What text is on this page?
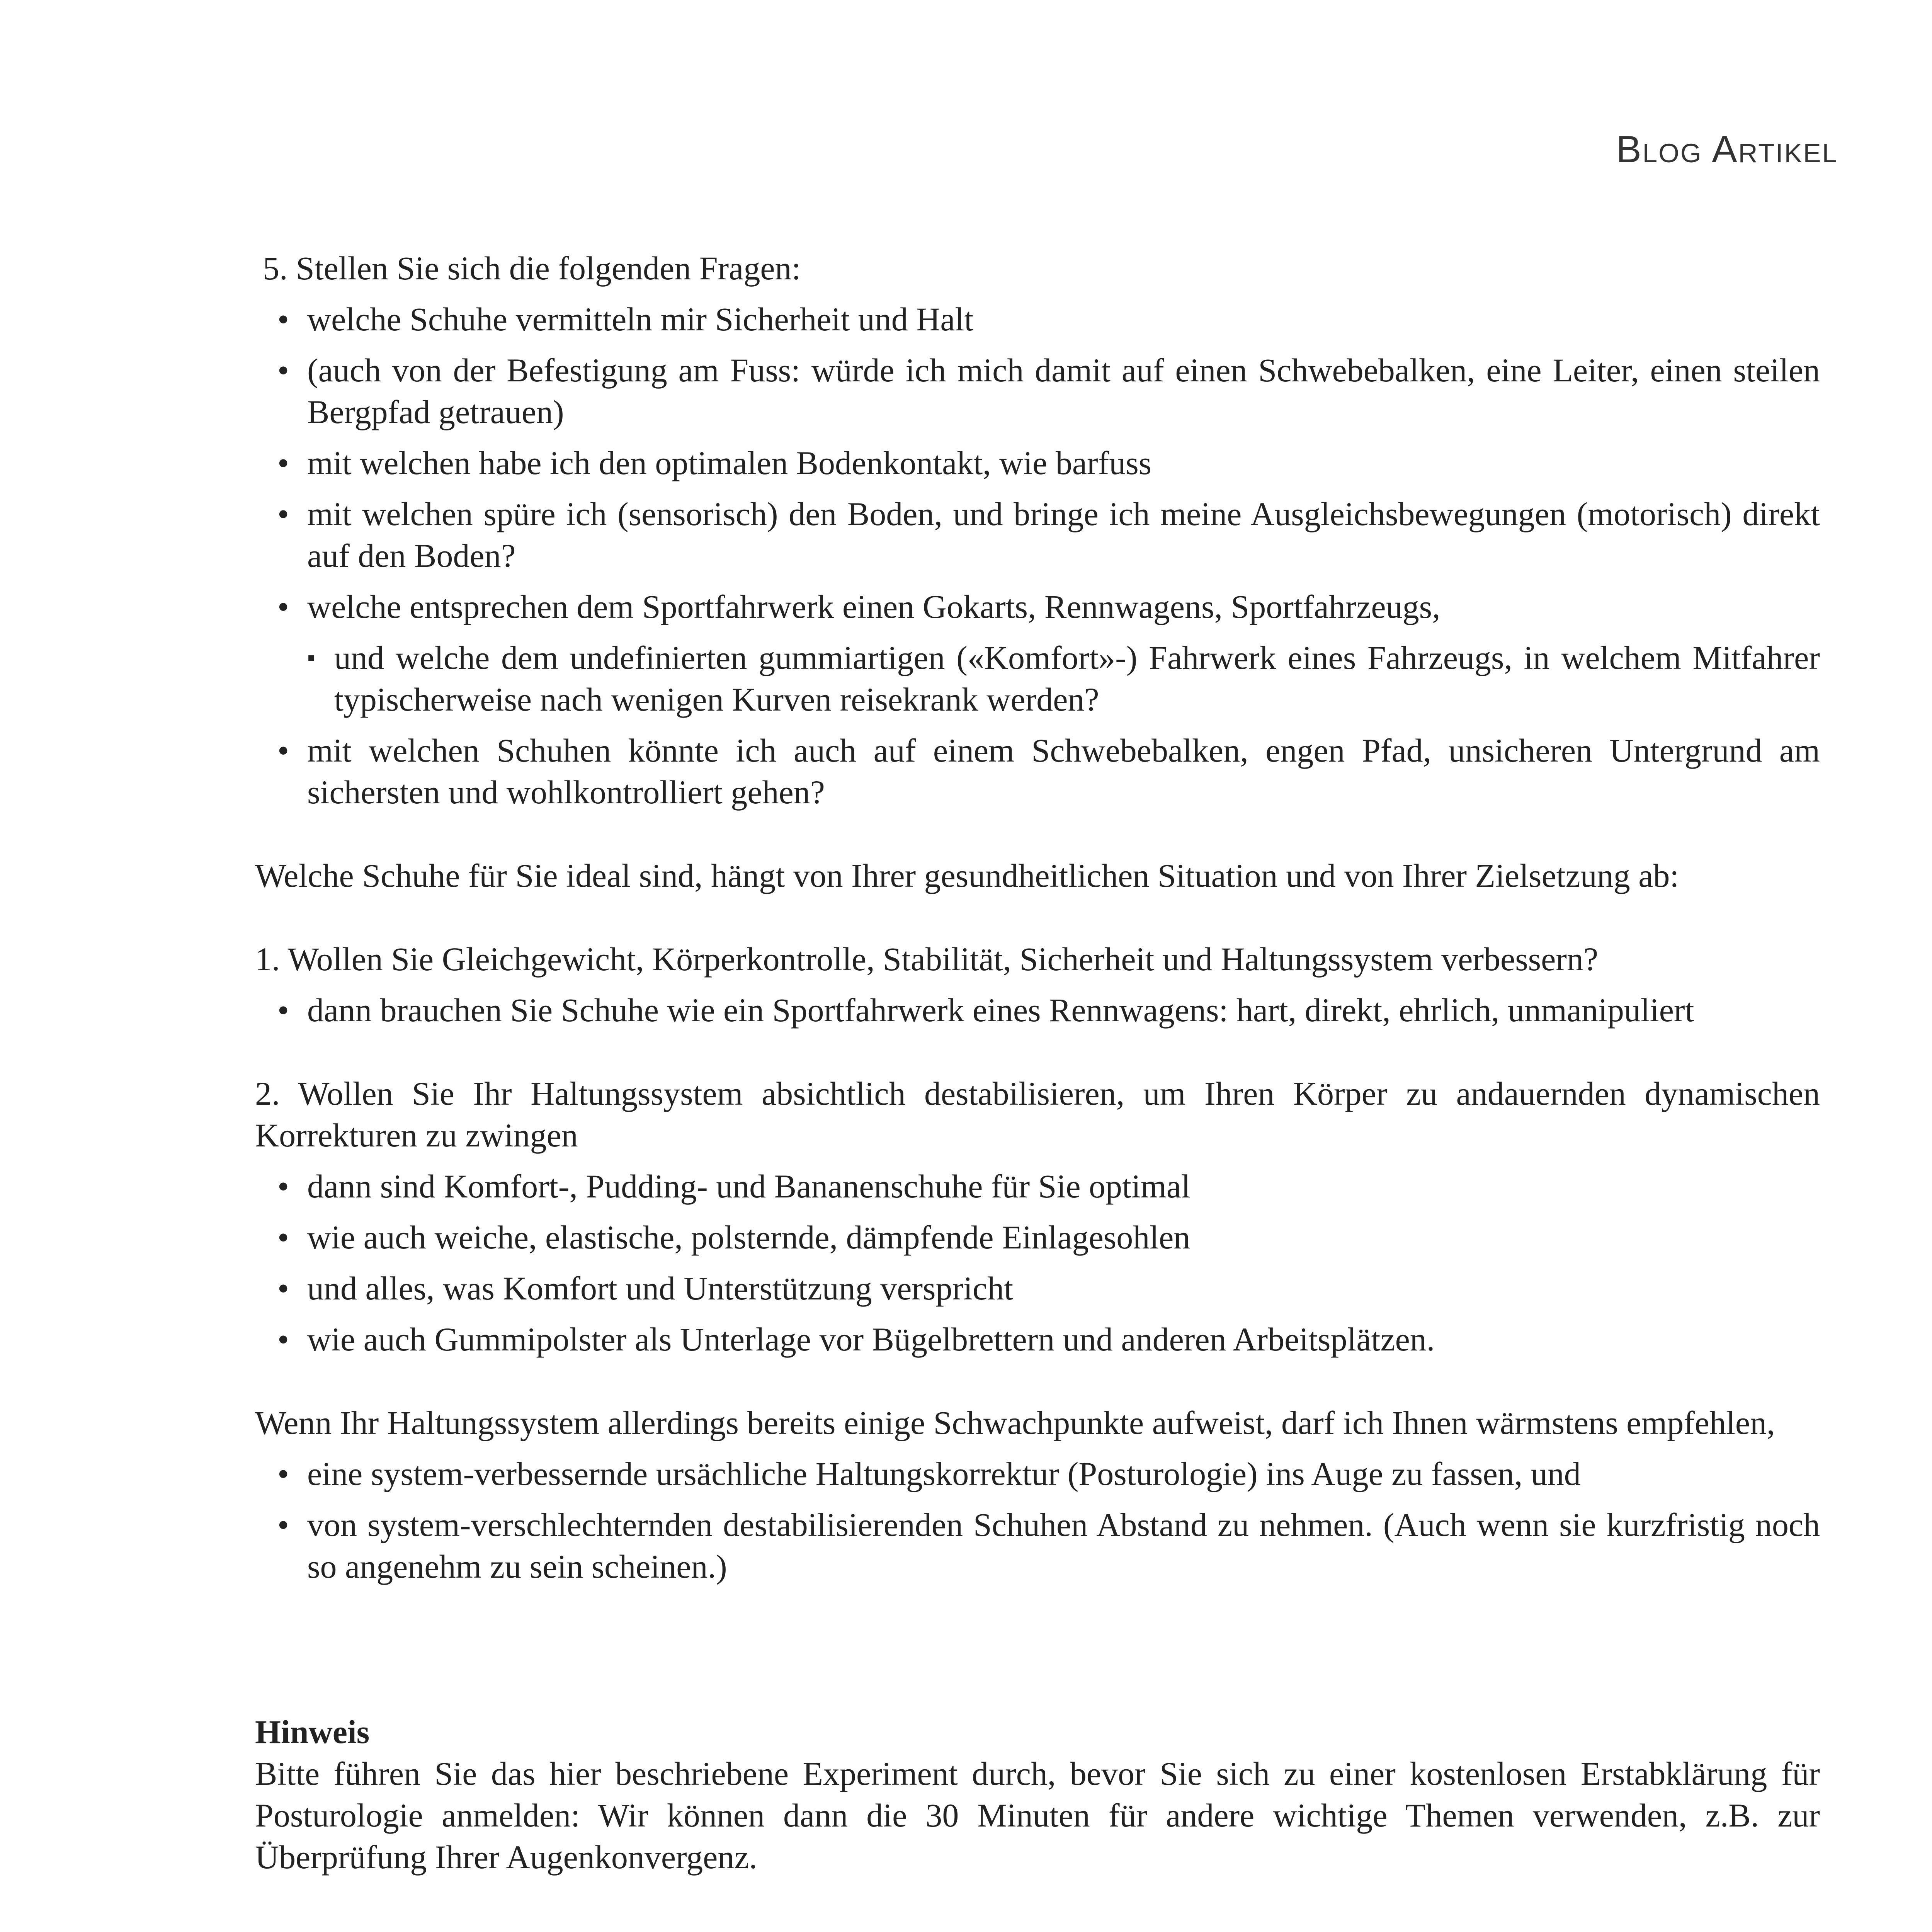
Blog Artikel
5. Stellen Sie sich die folgenden Fragen:
• welche Schuhe vermitteln mir Sicherheit und Halt
• (auch von der Befestigung am Fuss: würde ich mich damit auf einen Schwebebalken, eine Leiter, einen steilen Bergpfad getrauen)
• mit welchen habe ich den optimalen Bodenkontakt, wie barfuss
• mit welchen spüre ich (sensorisch) den Boden, und bringe ich meine Ausgleichsbewegungen (motorisch) direkt auf den Boden?
• welche entsprechen dem Sportfahrwerk einen Gokarts, Rennwagens, Sportfahrzeugs,
▪ und welche dem undefinierten gummiartigen («Komfort»-) Fahrwerk eines Fahrzeugs, in welchem Mitfahrer typischerweise nach wenigen Kurven reisekrank werden?
• mit welchen Schuhen könnte ich auch auf einem Schwebebalken, engen Pfad, unsicheren Untergrund am sichersten und wohlkontrolliert gehen?
Welche Schuhe für Sie ideal sind, hängt von Ihrer gesundheitlichen Situation und von Ihrer Zielsetzung ab:
1. Wollen Sie Gleichgewicht, Körperkontrolle, Stabilität, Sicherheit und Haltungssystem verbessern?
• dann brauchen Sie Schuhe wie ein Sportfahrwerk eines Rennwagens: hart, direkt, ehrlich, unmanipuliert
2. Wollen Sie Ihr Haltungssystem absichtlich destabilisieren, um Ihren Körper zu andauernden dynamischen Korrekturen zu zwingen
• dann sind Komfort-, Pudding- und Bananenschuhe für Sie optimal
• wie auch weiche, elastische, polsternde, dämpfende Einlagesohlen
• und alles, was Komfort und Unterstützung verspricht
• wie auch Gummipolster als Unterlage vor Bügelbrettern und anderen Arbeitsplätzen.
Wenn Ihr Haltungssystem allerdings bereits einige Schwachpunkte aufweist, darf ich Ihnen wärmstens empfehlen,
• eine system-verbessernde ursächliche Haltungskorrektur (Posturologie) ins Auge zu fassen, und
• von system-verschlechternden destabilisierenden Schuhen Abstand zu nehmen. (Auch wenn sie kurzfristig noch so angenehm zu sein scheinen.)
Hinweis
Bitte führen Sie das hier beschriebene Experiment durch, bevor Sie sich zu einer kostenlosen Erstabklärung für Posturologie anmelden: Wir können dann die 30 Minuten für andere wichtige Themen verwenden, z.B. zur Überprüfung Ihrer Augenkonvergenz.
